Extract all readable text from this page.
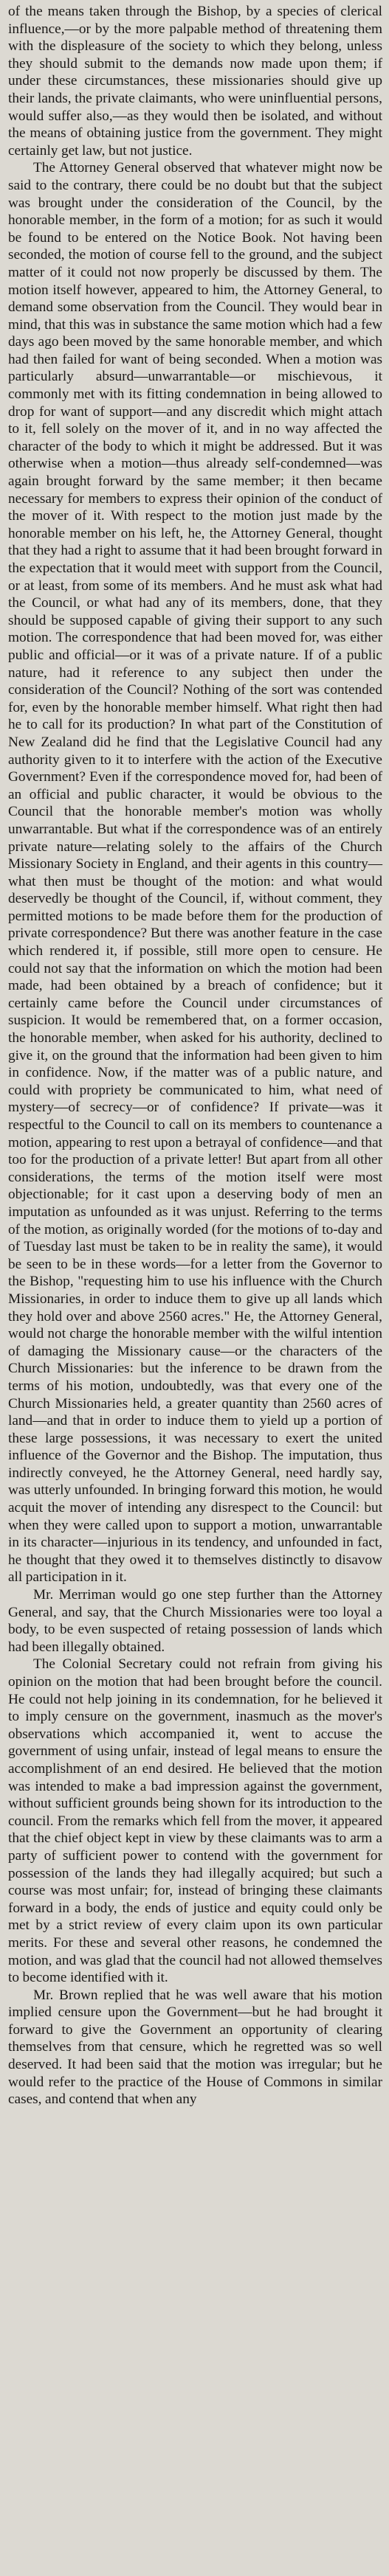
of the means taken through the Bishop, by a species of clerical influence,—or by the more palpable method of threatening them with the displeasure of the society to which they belong, unless they should submit to the demands now made upon them; if under these circumstances, these missionaries should give up their lands, the private claimants, who were uninfluential persons, would suffer also,—as they would then be isolated, and without the means of obtaining justice from the government. They might certainly get law, but not justice.

The Attorney General observed that whatever might now be said to the contrary, there could be no doubt but that the subject was brought under the consideration of the Council, by the honorable member, in the form of a motion; for as such it would be found to be entered on the Notice Book. Not having been seconded, the motion of course fell to the ground, and the subject matter of it could not now properly be discussed by them. The motion itself however, appeared to him, the Attorney General, to demand some observation from the Council. They would bear in mind, that this was in substance the same motion which had a few days ago been moved by the same honorable member, and which had then failed for want of being seconded. When a motion was particularly absurd—unwarrantable—or mischievous, it commonly met with its fitting condemnation in being allowed to drop for want of support—and any discredit which might attach to it, fell solely on the mover of it, and in no way affected the character of the body to which it might be addressed. But it was otherwise when a motion—thus already self-condemned—was again brought forward by the same member; it then became necessary for members to express their opinion of the conduct of the mover of it. With respect to the motion just made by the honorable member on his left, he, the Attorney General, thought that they had a right to assume that it had been brought forward in the expectation that it would meet with support from the Council, or at least, from some of its members. And he must ask what had the Council, or what had any of its members, done, that they should be supposed capable of giving their support to any such motion. The correspondence that had been moved for, was either public and official—or it was of a private nature. If of a public nature, had it reference to any subject then under the consideration of the Council? Nothing of the sort was contended for, even by the honorable member himself. What right then had he to call for its production? In what part of the Constitution of New Zealand did he find that the Legislative Council had any authority given to it to interfere with the action of the Executive Government? Even if the correspondence moved for, had been of an official and public character, it would be obvious to the Council that the honorable member's motion was wholly unwarrantable. But what if the correspondence was of an entirely private nature—relating solely to the affairs of the Church Missionary Society in England, and their agents in this country—what then must be thought of the motion: and what would deservedly be thought of the Council, if, without comment, they permitted motions to be made before them for the production of private correspondence? But there was another feature in the case which rendered it, if possible, still more open to censure. He could not say that the information on which the motion had been made, had been obtained by a breach of confidence; but it certainly came before the Council under circumstances of suspicion. It would be remembered that, on a former occasion, the honorable member, when asked for his authority, declined to give it, on the ground that the information had been given to him in confidence. Now, if the matter was of a public nature, and could with propriety be communicated to him, what need of mystery—of secrecy—or of confidence? If private—was it respectful to the Council to call on its members to countenance a motion, appearing to rest upon a betrayal of confidence—and that too for the production of a private letter! But apart from all other considerations, the terms of the motion itself were most objectionable; for it cast upon a deserving body of men an imputation as unfounded as it was unjust. Referring to the terms of the motion, as originally worded (for the motions of to-day and of Tuesday last must be taken to be in reality the same), it would be seen to be in these words—for a letter from the Governor to the Bishop, "requesting him to use his influence with the Church Missionaries, in order to induce them to give up all lands which they hold over and above 2560 acres." He, the Attorney General, would not charge the honorable member with the wilful intention of damaging the Missionary cause—or the characters of the Church Missionaries: but the inference to be drawn from the terms of his motion, undoubtedly, was that every one of the Church Missionaries held, a greater quantity than 2560 acres of land—and that in order to induce them to yield up a portion of these large possessions, it was necessary to exert the united influence of the Governor and the Bishop. The imputation, thus indirectly conveyed, he the Attorney General, need hardly say, was utterly unfounded. In bringing forward this motion, he would acquit the mover of intending any disrespect to the Council: but when they were called upon to support a motion, unwarrantable in its character—injurious in its tendency, and unfounded in fact, he thought that they owed it to themselves distinctly to disavow all participation in it.

Mr. Merriman would go one step further than the Attorney General, and say, that the Church Missionaries were too loyal a body, to be even suspected of retaing possession of lands which had been illegally obtained.

The Colonial Secretary could not refrain from giving his opinion on the motion that had been brought before the council. He could not help joining in its condemnation, for he believed it to imply censure on the government, inasmuch as the mover's observations which accompanied it, went to accuse the government of using unfair, instead of legal means to ensure the accomplishment of an end desired. He believed that the motion was intended to make a bad impression against the government, without sufficient grounds being shown for its introduction to the council. From the remarks which fell from the mover, it appeared that the chief object kept in view by these claimants was to arm a party of sufficient power to contend with the government for possession of the lands they had illegally acquired; but such a course was most unfair; for, instead of bringing these claimants forward in a body, the ends of justice and equity could only be met by a strict review of every claim upon its own particular merits. For these and several other reasons, he condemned the motion, and was glad that the council had not allowed themselves to become identified with it.

Mr. Brown replied that he was well aware that his motion implied censure upon the Government—but he had brought it forward to give the Government an opportunity of clearing themselves from that censure, which he regretted was so well deserved. It had been said that the motion was irregular; but he would refer to the practice of the House of Commons in similar cases, and contend that when any
